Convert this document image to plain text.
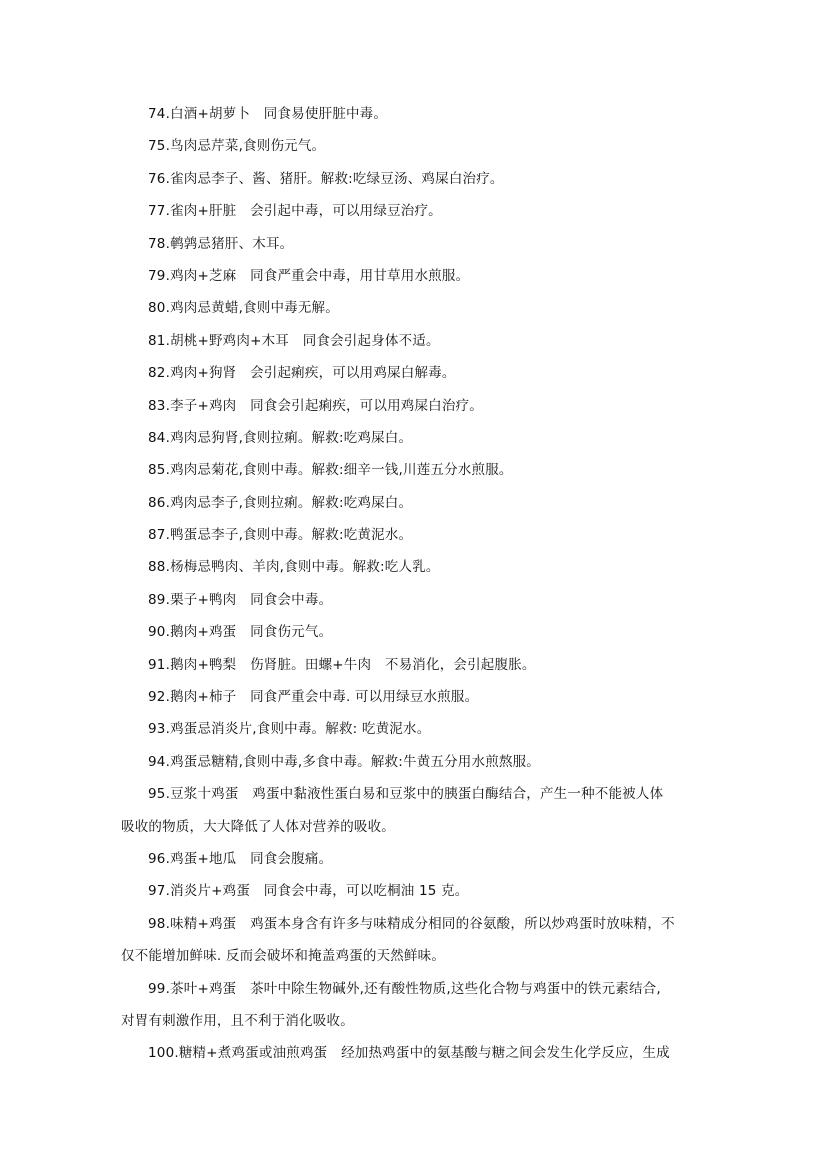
74.白酒+胡萝卜　同食易使肝脏中毒。
75.鸟肉忌芹菜,食则伤元气。
76.雀肉忌李子、酱、猪肝。解救:吃绿豆汤、鸡屎白治疗。
77.雀肉+肝脏　会引起中毒，可以用绿豆治疗。
78.鹌鹑忌猪肝、木耳。
79.鸡肉+芝麻　同食严重会中毒，用甘草用水煎服。
80.鸡肉忌黄蜡,食则中毒无解。
81.胡桃+野鸡肉+木耳　同食会引起身体不适。
82.鸡肉+狗肾　会引起痢疾，可以用鸡屎白解毒。
83.李子+鸡肉　同食会引起痢疾，可以用鸡屎白治疗。
84.鸡肉忌狗肾,食则拉痢。解救:吃鸡屎白。
85.鸡肉忌菊花,食则中毒。解救:细辛一钱,川莲五分水煎服。
86.鸡肉忌李子,食则拉痢。解救:吃鸡屎白。
87.鸭蛋忌李子,食则中毒。解救:吃黄泥水。
88.杨梅忌鸭肉、羊肉,食则中毒。解救:吃人乳。
89.栗子+鸭肉　同食会中毒。
90.鹅肉+鸡蛋　同食伤元气。
91.鹅肉+鸭梨　伤肾脏。田螺+牛肉　不易消化，会引起腹胀。
92.鹅肉+柿子　同食严重会中毒. 可以用绿豆水煎服。
93.鸡蛋忌消炎片,食则中毒。解救: 吃黄泥水。
94.鸡蛋忌糖精,食则中毒,多食中毒。解救:牛黄五分用水煎熬服。
95.豆浆十鸡蛋　鸡蛋中黏液性蛋白易和豆浆中的胰蛋白酶结合，产生一种不能被人体
吸收的物质，大大降低了人体对营养的吸收。
96.鸡蛋+地瓜　同食会腹痛。
97.消炎片+鸡蛋　同食会中毒，可以吃桐油 15 克。
98.味精+鸡蛋　鸡蛋本身含有许多与味精成分相同的谷氨酸，所以炒鸡蛋时放味精，不
仅不能增加鲜味. 反而会破坏和掩盖鸡蛋的天然鲜味。
99.茶叶+鸡蛋　茶叶中除生物碱外,还有酸性物质,这些化合物与鸡蛋中的铁元素结合,
对胃有刺激作用，且不利于消化吸收。
100.糖精+煮鸡蛋或油煎鸡蛋　经加热鸡蛋中的氨基酸与糖之间会发生化学反应，生成
